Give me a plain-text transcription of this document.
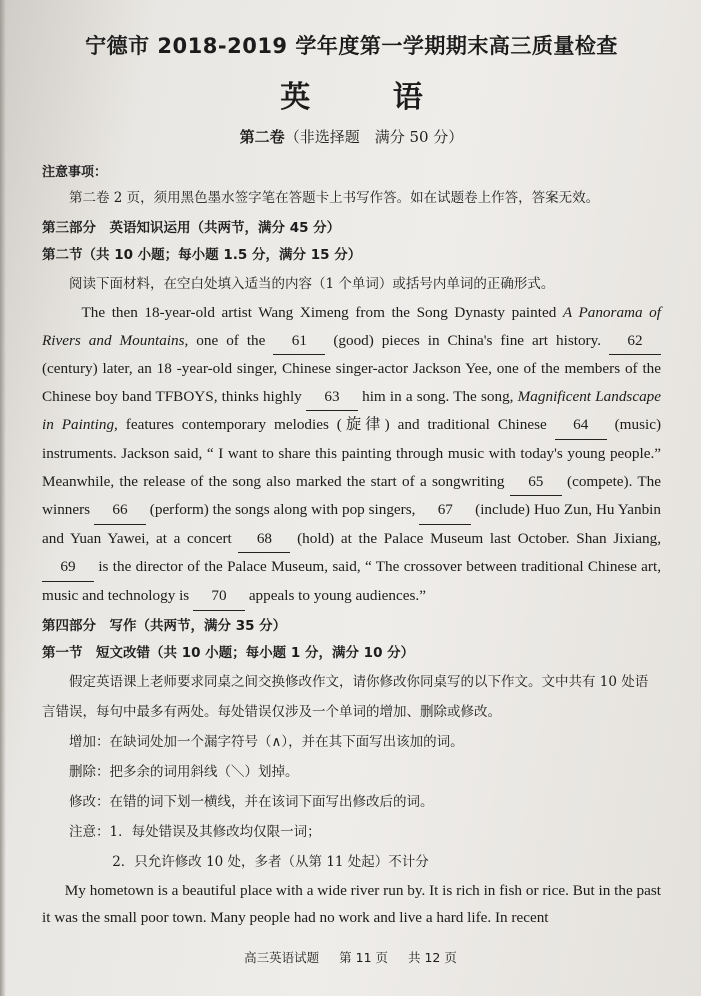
宁德市 2018-2019 学年度第一学期期末高三质量检查
英 语
第二卷（非选择题　满分 50 分）
注意事项：

第二卷 2 页，须用黑色墨水签字笔在答题卡上书写作答。如在试题卷上作答，答案无效。

第三部分　英语知识运用（共两节，满分 45 分）

第二节（共 10 小题；每小题 1.5 分，满分 15 分）

阅读下面材料，在空白处填入适当的内容（1 个单词）或括号内单词的正确形式。

The then 18-year-old artist Wang Ximeng from the Song Dynasty painted A Panorama of Rivers and Mountains, one of the 61 (good) pieces in China's fine art history. 62 (century) later, an 18 -year-old singer, Chinese singer-actor Jackson Yee, one of the members of the Chinese boy band TFBOYS, thinks highly 63 him in a song. The song, Magnificent Landscape in Painting, features contemporary melodies (旋律) and traditional Chinese 64 (music) instruments. Jackson said, “ I want to share this painting through music with today's young people.” Meanwhile, the release of the song also marked the start of a songwriting 65 (compete). The winners 66 (perform) the songs along with pop singers, 67 (include) Huo Zun, Hu Yanbin and Yuan Yawei, at a concert 68 (hold) at the Palace Museum last October. Shan Jixiang, 69 is the director of the Palace Museum, said, “ The crossover between traditional Chinese art, music and technology is 70 appeals to young audiences.”

第四部分　写作（共两节，满分 35 分）

第一节　短文改错（共 10 小题；每小题 1 分，满分 10 分）

假定英语课上老师要求同桌之间交换修改作文，请你修改你同桌写的以下作文。文中共有 10 处语言错误，每句中最多有两处。每处错误仅涉及一个单词的增加、删除或修改。

增加：在缺词处加一个漏字符号（∧），并在其下面写出该加的词。

删除：把多余的词用斜线（＼）划掉。

修改：在错的词下划一横线，并在该词下面写出修改后的词。

注意：1．每处错误及其修改均仅限一词；

2．只允许修改 10 处，多者（从第 11 处起）不计分

My hometown is a beautiful place with a wide river run by. It is rich in fish or rice. But in the past it was the small poor town. Many people had no work and live a hard life. In recent

高三英语试题 第 11 页 共 12 页
